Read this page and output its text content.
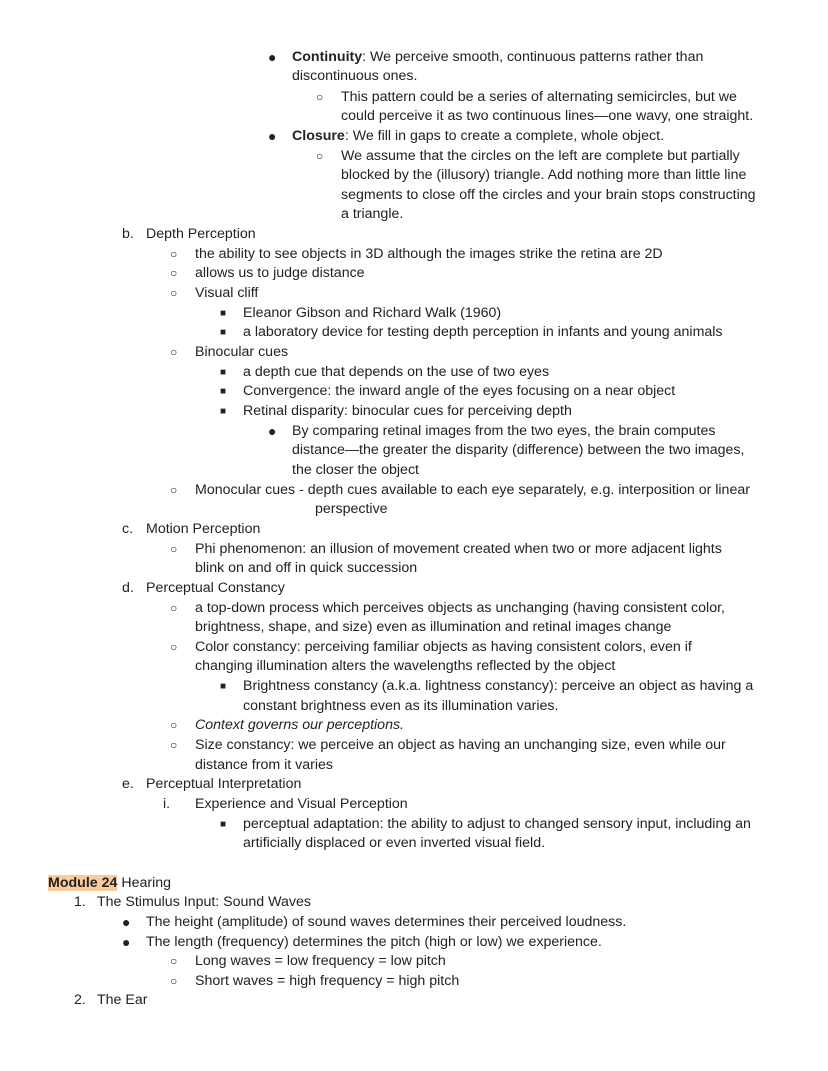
● Continuity: We perceive smooth, continuous patterns rather than
discontinuous ones.
○ This pattern could be a series of alternating semicircles, but we
could perceive it as two continuous lines—one wavy, one straight.
● Closure: We fill in gaps to create a complete, whole object.
○ We assume that the circles on the left are complete but partially
blocked by the (illusory) triangle. Add nothing more than little line
segments to close off the circles and your brain stops constructing
a triangle.
b. Depth Perception
○ the ability to see objects in 3D although the images strike the retina are 2D
○ allows us to judge distance
○ Visual cliff
■ Eleanor Gibson and Richard Walk (1960)
■ a laboratory device for testing depth perception in infants and young animals
○ Binocular cues
■ a depth cue that depends on the use of two eyes
■ Convergence: the inward angle of the eyes focusing on a near object
■ Retinal disparity: binocular cues for perceiving depth
● By comparing retinal images from the two eyes, the brain computes
distance—the greater the disparity (difference) between the two images,
the closer the object
○ Monocular cues - depth cues available to each eye separately, e.g. interposition or linear
perspective
c. Motion Perception
○ Phi phenomenon: an illusion of movement created when two or more adjacent lights
blink on and off in quick succession
d. Perceptual Constancy
○ a top-down process which perceives objects as unchanging (having consistent color,
brightness, shape, and size) even as illumination and retinal images change
○ Color constancy: perceiving familiar objects as having consistent colors, even if
changing illumination alters the wavelengths reflected by the object
■ Brightness constancy (a.k.a. lightness constancy): perceive an object as having a
constant brightness even as its illumination varies.
○ Context governs our perceptions.
○ Size constancy: we perceive an object as having an unchanging size, even while our
distance from it varies
e. Perceptual Interpretation
i. Experience and Visual Perception
■ perceptual adaptation: the ability to adjust to changed sensory input, including an
artificially displaced or even inverted visual field.
Module 24 Hearing
1. The Stimulus Input: Sound Waves
● The height (amplitude) of sound waves determines their perceived loudness.
● The length (frequency) determines the pitch (high or low) we experience.
○ Long waves = low frequency = low pitch
○ Short waves = high frequency = high pitch
2. The Ear
